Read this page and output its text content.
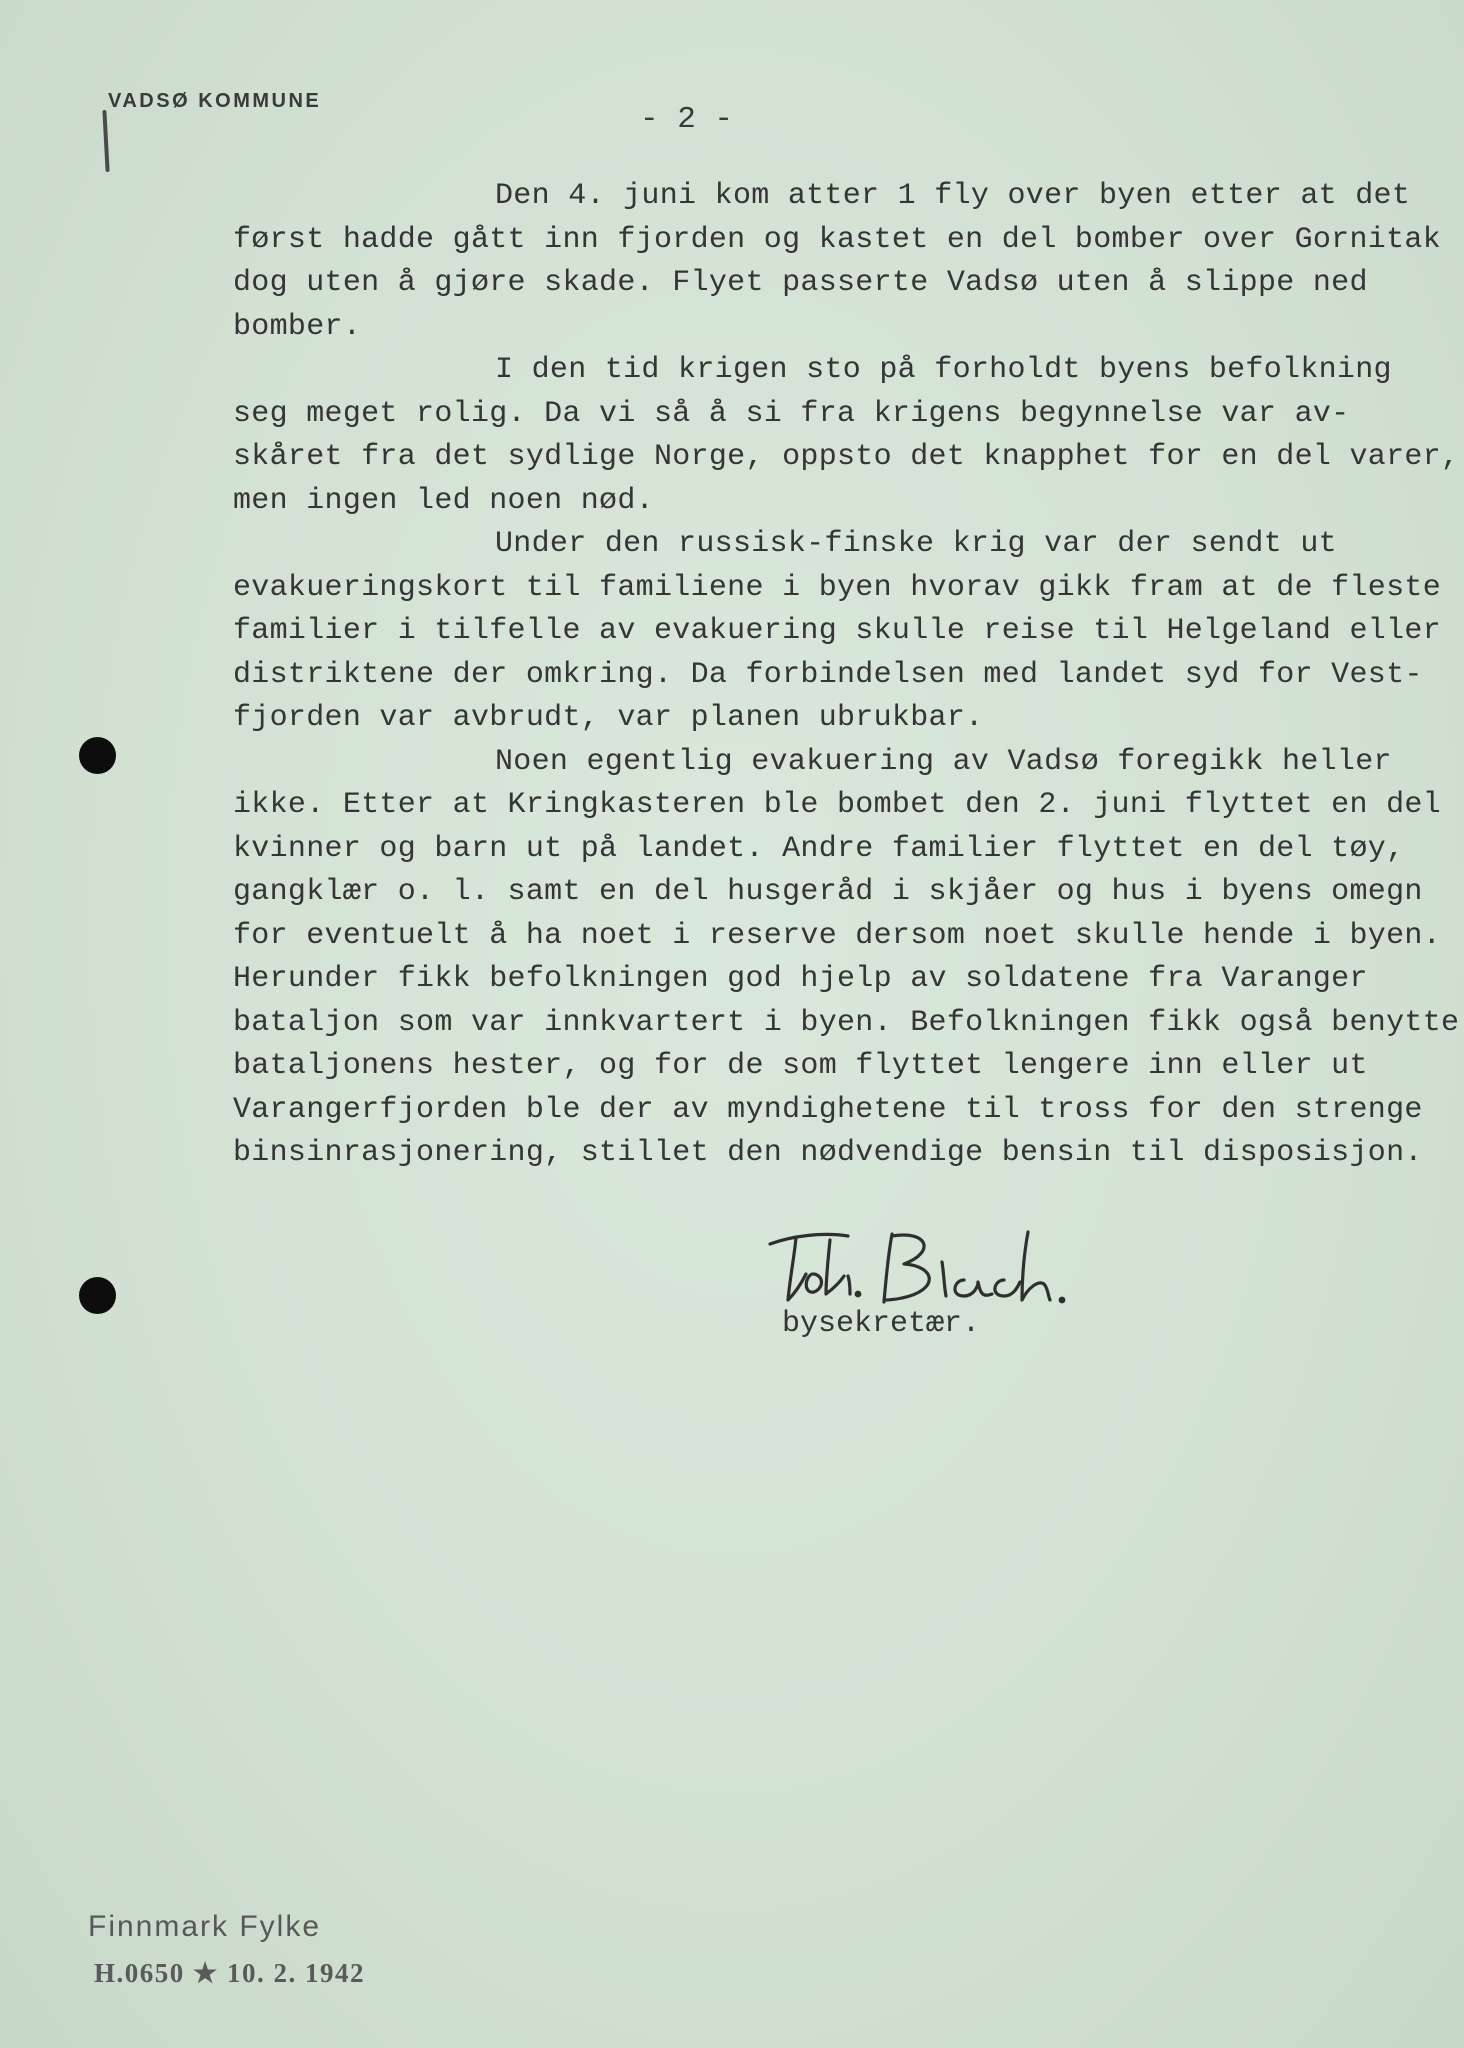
VADSØ KOMMUNE
- 2 -
Den 4. juni kom atter 1 fly over byen etter at det
først hadde gått inn fjorden og kastet en del bomber over Gornitak
dog uten å gjøre skade. Flyet passerte Vadsø uten å slippe ned
bomber.
I den tid krigen sto på forholdt byens befolkning
seg meget rolig. Da vi så å si fra krigens begynnelse var av-
skåret fra det sydlige Norge, oppsto det knapphet for en del varer,
men ingen led noen nød.
Under den russisk-finske krig var der sendt ut
evakueringskort til familiene i byen hvorav gikk fram at de fleste
familier i tilfelle av evakuering skulle reise til Helgeland eller
distriktene der omkring. Da forbindelsen med landet syd for Vest-
fjorden var avbrudt, var planen ubrukbar.
Noen egentlig evakuering av Vadsø foregikk heller
ikke. Etter at Kringkasteren ble bombet den 2. juni flyttet en del
kvinner og barn ut på landet. Andre familier flyttet en del tøy,
gangklær o. l. samt en del husgeråd i skjåer og hus i byens omegn
for eventuelt å ha noet i reserve dersom noet skulle hende i byen.
Herunder fikk befolkningen god hjelp av soldatene fra Varanger
bataljon som var innkvartert i byen. Befolkningen fikk også benytte
bataljonens hester, og for de som flyttet lengere inn eller ut
Varangerfjorden ble der av myndighetene til tross for den strenge
binsinrasjonering, stillet den nødvendige bensin til disposisjon.
bysekretær.
Finnmark Fylke
H.0650 ★ 10. 2. 1942
